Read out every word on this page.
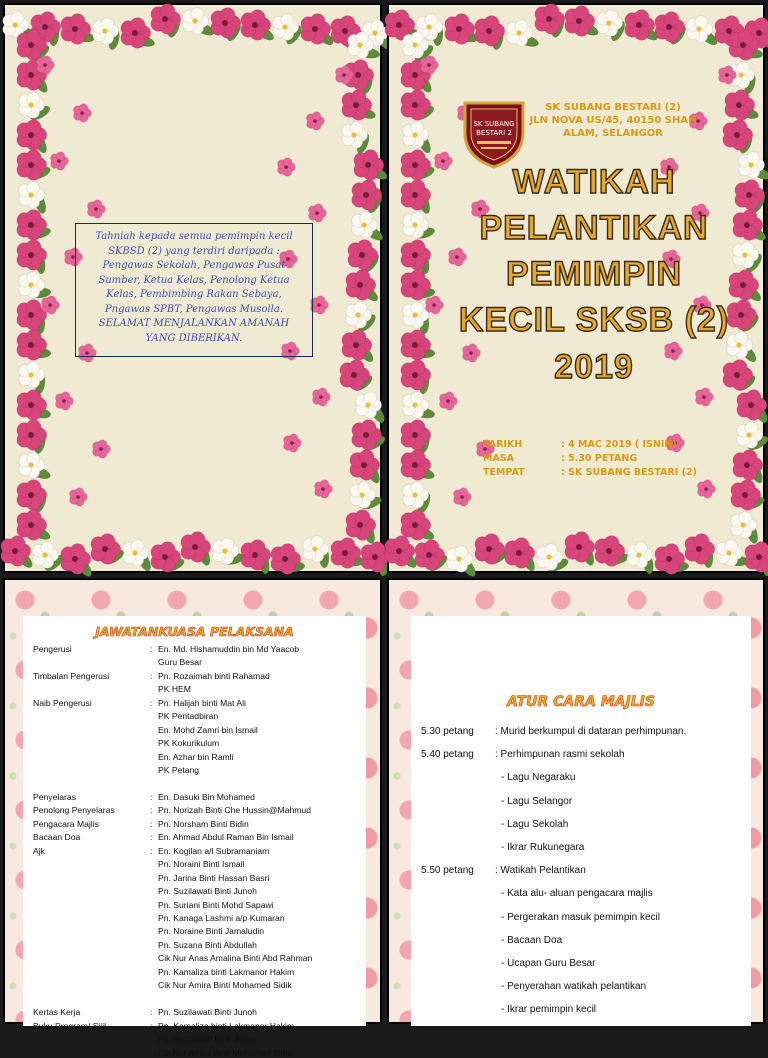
Tahniah kepada semua pemimpin kecil
SKBSD (2) yang terdiri daripada :
Pengawas Sekolah, Pengawas Pusat
Sumber, Ketua Kelas, Penolong Ketua
Kelas, Pembimbing Rakan Sebaya,
Pngawas SPBT, Pengawas Musolla.
SELAMAT MENJALANKAN AMANAH
YANG DIBERIKAN.
SK SUBANG
BESTARI 2
SK SUBANG BESTARI (2)
JLN NOVA US/45, 40150 SHAH
ALAM, SELANGOR
WATIKAH
PELANTIKAN
PEMIMPIN
KECIL SKSB (2)
2019
TARIKH	: 4 MAC 2019 ( ISNIN)
MASA	: 5.30 PETANG
TEMPAT	: SK SUBANG BESTARI (2)
JAWATANKUASA PELAKSANA
Pengerusi	: En. Md. Hishamuddin bin Md Yaacob
Guru Besar
Timbalan Pengerusi	: Pn. Rozaimah binti Rahamad
PK HEM
Naib Pengerusi	: Pn. Halijah binti Mat Ali
PK Pentadbiran
En. Mohd Zamri bin Ismail
PK Kokurikulum
En. Azhar bin Ramli
PK Petang
Penyelaras	: En. Dasuki Bin Mohamed
Penolong Penyelaras	: Pn. Norizah Binti Che Hussin@Mahmud
Pengacara Majlis	: Pn. Norsham Binti Bidin
Bacaan Doa	: En. Ahmad Abdul Raman Bin Ismail
Ajk	: En. Kogilan a/l Subramaniam
Pn. Noraini Binti Ismail
Pn. Jarina Binti Hassan Basri
Pn. Suzilawati Binti Junoh
Pn. Suriani Binti Mohd Sapawi
Pn. Kanaga Lashmi a/p Kumaran
Pn. Noraine Binti Jamaludin
Pn. Suzana Binti Abdullah
Cik Nur Anas Amalina Binti Abd Rahman
Pn. Kamaliza binti Lakmanor Hakim
Cik Nur Amira Binti Mohamed Sidik
Kertas Kerja	: Pn. Suzilawati Binti Junoh
Buku Program/ Sijil	: Pn. Kamaliza binti Lakmanor Hakim
Pn. Suzilawati Binti Junoh
Cik Nur Amira Binti Mohamed Sidik
ATUR CARA MAJLIS
5.30 petang : Murid berkumpul di dataran perhimpunan.
5.40 petang : Perhimpunan rasmi sekolah
- Lagu Negaraku
- Lagu Selangor
- Lagu Sekolah
- Ikrar Rukunegara
5.50 petang : Watikah Pelantikan
- Kata alu- aluan pengacara majlis
- Pergerakan masuk pemimpin kecil
- Bacaan Doa
- Ucapan Guru Besar
- Penyerahan watikah pelantikan
- Ikrar pemimpin kecil
